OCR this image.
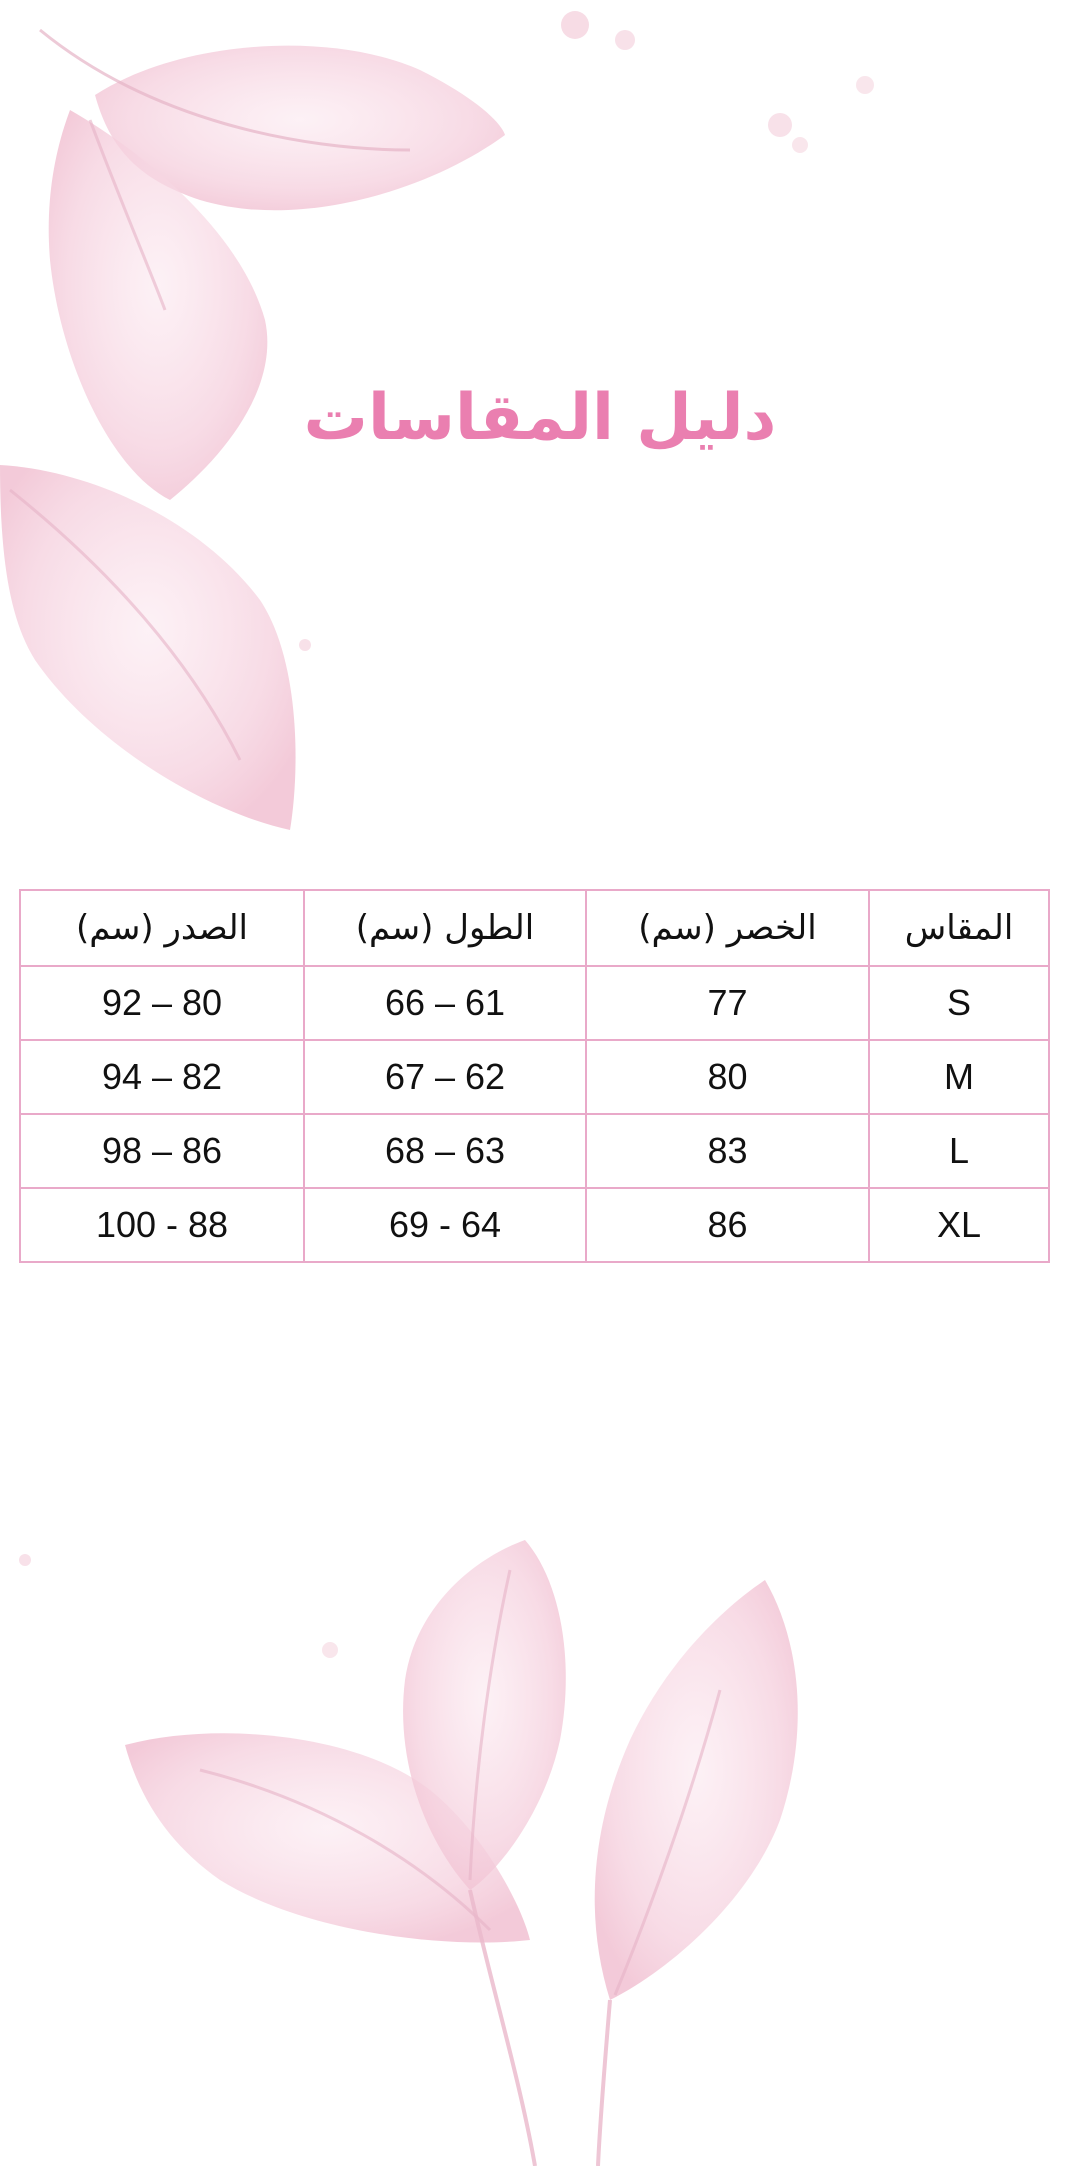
دليل المقاسات
المقاس	الخصر (سم)	الطول (سم)	الصدر (سم)
S	77	66 – 61	92 – 80
M	80	67 – 62	94 – 82
L	83	68 – 63	98 – 86
XL	86	69 - 64	100 - 88
